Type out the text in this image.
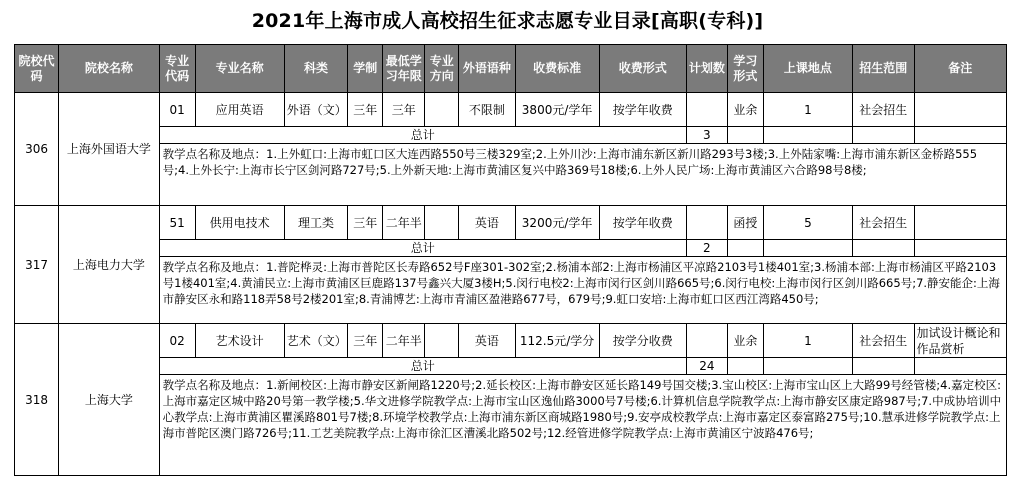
2021年上海市成人高校招生征求志愿专业目录[高职(专科)]
院校代码	院校名称	专业代码	专业名称	科类	学制	最低学习年限	专业方向	外语语种	收费标准	收费形式	计划数	学习形式	上课地点	招生范围	备注
306	上海外国语大学	01	应用英语	外语（文）	三年	三年		不限制	3800元/学年	按学年收费		业余	1	社会招生	
		总计									3				
		教学点名称及地点：1.上外虹口:上海市虹口区大连西路550号三楼329室;2.上外川沙:上海市浦东新区新川路293号3楼;3.上外陆家嘴:上海市浦东新区金桥路555号;4.上外长宁:上海市长宁区剑河路727号;5.上外新天地:上海市黄浦区复兴中路369号18楼;6.上外人民广场:上海市黄浦区六合路98号8楼;													
317	上海电力大学	51	供用电技术	理工类	三年	二年半		英语	3200元/学年	按学年收费		函授	5	社会招生	
		总计									2				
		教学点名称及地点：1.普陀桦灵:上海市普陀区长寿路652号F座301-302室;2.杨浦本部2:上海市杨浦区平凉路2103号1楼401室;3.杨浦本部:上海市杨浦区平路2103号1楼401室;4.黄浦民立:上海市黄浦区巨鹿路137号鑫兴大厦3楼H;5.闵行电校2:上海市闵行区剑川路665号;6.闵行电校:上海市闵行区剑川路665号;7.静安能企:上海市静安区永和路118弄58号2楼201室;8.青浦博艺:上海市青浦区盈港路677号，679号;9.虹口安培:上海市虹口区西江湾路450号;													
318	上海大学	02	艺术设计	艺术（文）	三年	二年半		英语	112.5元/学分	按学分收费		业余	1	社会招生	加试设计概论和作品赏析
		总计									24				
		教学点名称及地点：1.新闸校区:上海市静安区新闸路1220号;2.延长校区:上海市静安区延长路149号国交楼;3.宝山校区:上海市宝山区上大路99号经管楼;4.嘉定校区:上海市嘉定区城中路20号第一教学楼;5.华文进修学院教学点:上海市宝山区逸仙路3000号7号楼;6.计算机信息学院教学点:上海市静安区康定路987号;7.中成协培训中心教学点:上海市黄浦区瞿溪路801号7楼;8.环境学校教学点:上海市浦东新区商城路1980号;9.安亭成校教学点:上海市嘉定区泰富路275号;10.慧承进修学院教学点:上海市普陀区澳门路726号;11.工艺美院教学点:上海市徐汇区漕溪北路502号;12.经管进修学院教学点:上海市黄浦区宁波路476号;													
